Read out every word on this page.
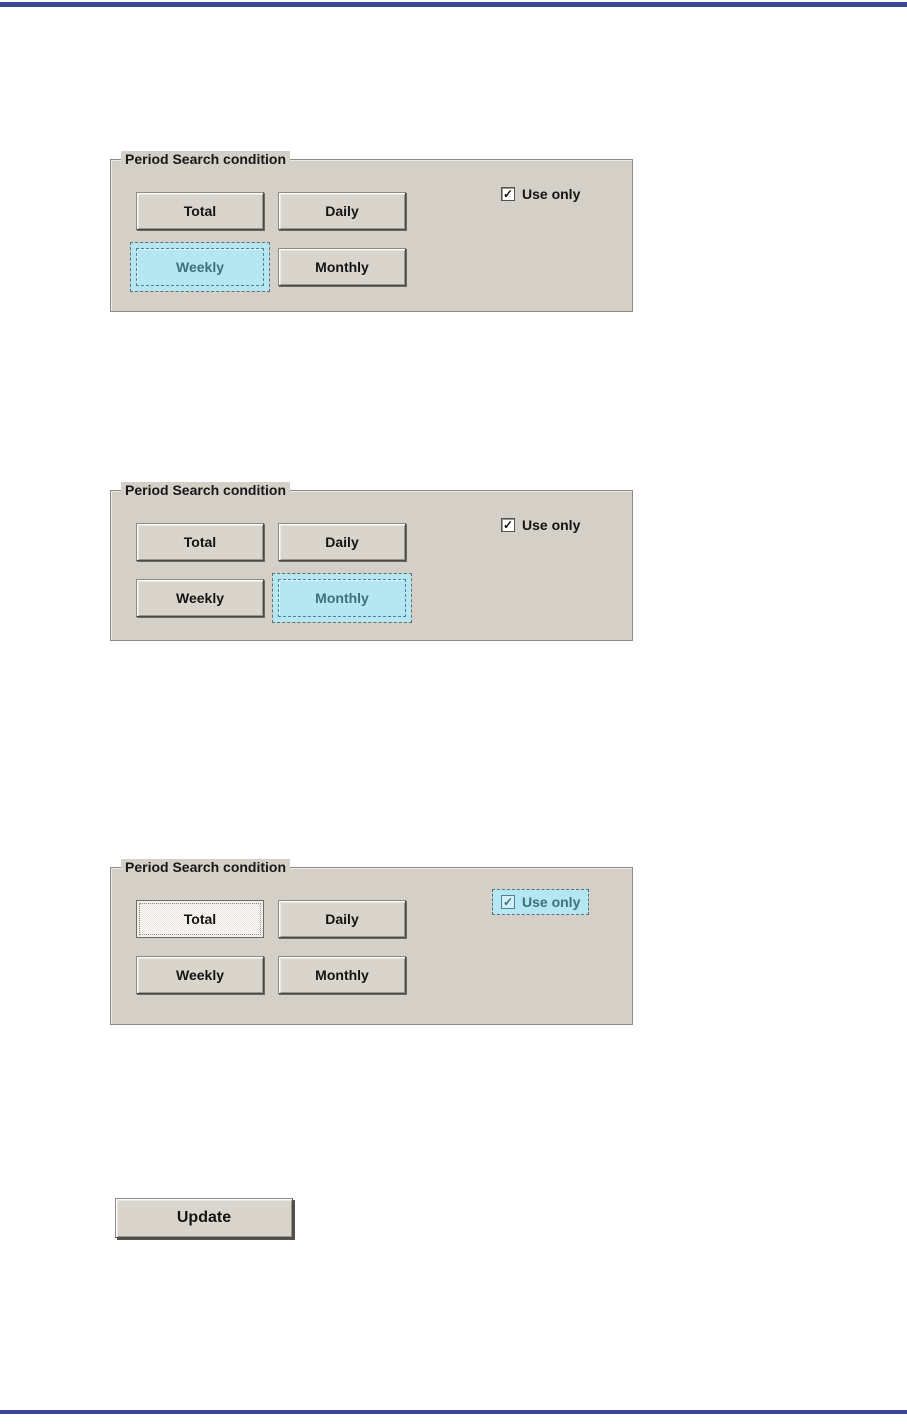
Period Search condition
Total	Daily
Weekly	Monthly
✓ Use only
Period Search condition
Total	Daily
Weekly	Monthly
✓ Use only
Period Search condition
Total	Daily
Weekly	Monthly
✓ Use only
Update
